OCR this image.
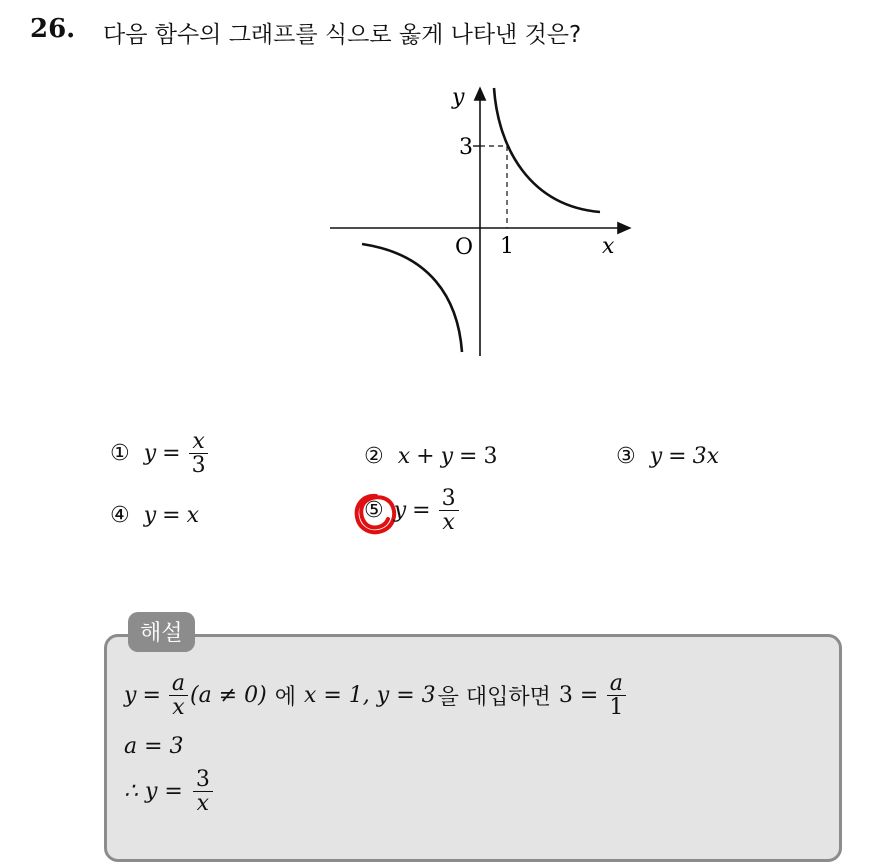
26. 다음 함수의 그래프를 식으로 옳게 나타낸 것은?
y
x
O
3
1
① $y = \frac{x}{3}$	② x + y = 3	③ y = 3x
④ y = x	⑤ $y = \frac{3}{x}$
해설
$y = \frac{a}{x} (a \ne 0)$ 에 x = 1, y = 3 을 대입하면 $3 = \frac{a}{1}$
a = 3
∴ $y = \frac{3}{x}$
